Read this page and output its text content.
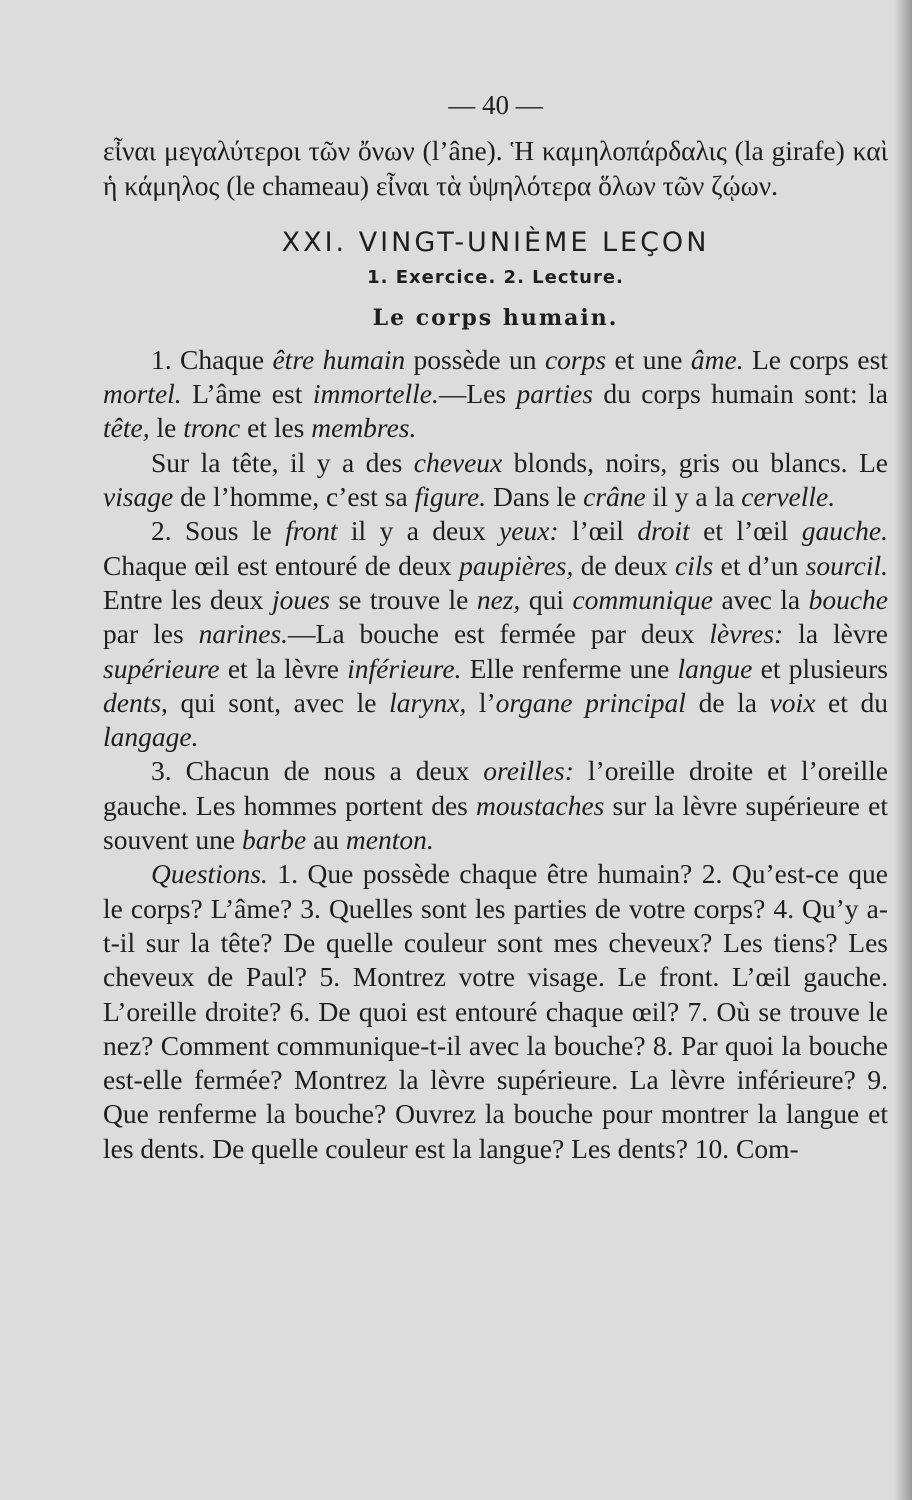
— 40 —

εἶναι μεγαλύτεροι τῶν ὄνων (l’âne). Ἡ καμηλοπάρδαλις (la girafe) καὶ ἡ κάμηλος (le chameau) εἶναι τὰ ὑψηλότερα ὅλων τῶν ζῴων.

XXI. VINGT-UNIÈME LEÇON
1. Exercice. 2. Lecture.
Le corps humain.

1. Chaque être humain possède un corps et une âme. Le corps est mortel. L’âme est immortelle.—Les parties du corps humain sont: la tête, le tronc et les membres.

Sur la tête, il y a des cheveux blonds, noirs, gris ou blancs. Le visage de l’homme, c’est sa figure. Dans le crâne il y a la cervelle.

2. Sous le front il y a deux yeux: l’œil droit et l’œil gauche. Chaque œil est entouré de deux paupières, de deux cils et d’un sourcil. Entre les deux joues se trouve le nez, qui communique avec la bouche par les narines.—La bouche est fermée par deux lèvres: la lèvre supérieure et la lèvre inférieure. Elle renferme une langue et plusieurs dents, qui sont, avec le larynx, l’organe principal de la voix et du langage.

3. Chacun de nous a deux oreilles: l’oreille droite et l’oreille gauche. Les hommes portent des moustaches sur la lèvre supérieure et souvent une barbe au menton.

Questions. 1. Que possède chaque être humain? 2. Qu’est-ce que le corps? L’âme? 3. Quelles sont les parties de votre corps? 4. Qu’y a-t-il sur la tête? De quelle couleur sont mes cheveux? Les tiens? Les cheveux de Paul? 5. Montrez votre visage. Le front. L’œil gauche. L’oreille droite? 6. De quoi est entouré chaque œil? 7. Où se trouve le nez? Comment communique-t-il avec la bouche? 8. Par quoi la bouche est-elle fermée? Montrez la lèvre supérieure. La lèvre inférieure? 9. Que renferme la bouche? Ouvrez la bouche pour montrer la langue et les dents. De quelle couleur est la langue? Les dents? 10. Com-
